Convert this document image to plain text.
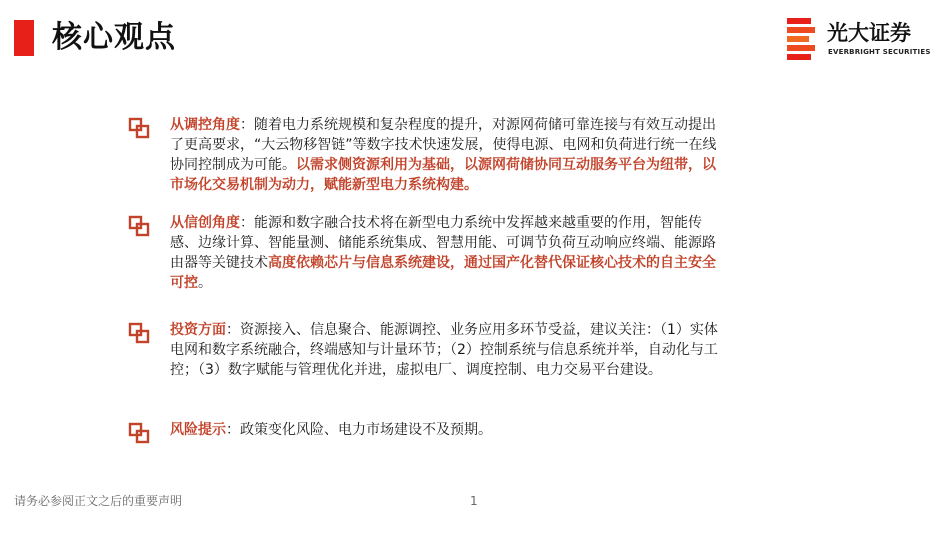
核心观点	光大证券
EVERBRIGHT SECURITIES
从调控角度：随着电力系统规模和复杂程度的提升，对源网荷储可靠连接与有效互动提出了更高要求，“大云物移智链”等数字技术快速发展，使得电源、电网和负荷进行统一在线协同控制成为可能。以需求侧资源利用为基础，以源网荷储协同互动服务平台为纽带，以市场化交易机制为动力，赋能新型电力系统构建。
从信创角度：能源和数字融合技术将在新型电力系统中发挥越来越重要的作用，智能传感、边缘计算、智能量测、储能系统集成、智慧用能、可调节负荷互动响应终端、能源路由器等关键技术高度依赖芯片与信息系统建设，通过国产化替代保证核心技术的自主安全可控。
投资方面：资源接入、信息聚合、能源调控、业务应用多环节受益，建议关注：（1）实体电网和数字系统融合，终端感知与计量环节；（2）控制系统与信息系统并举，自动化与工控；（3）数字赋能与管理优化并进，虚拟电厂、调度控制、电力交易平台建设。
风险提示：政策变化风险、电力市场建设不及预期。
请务必参阅正文之后的重要声明	1
